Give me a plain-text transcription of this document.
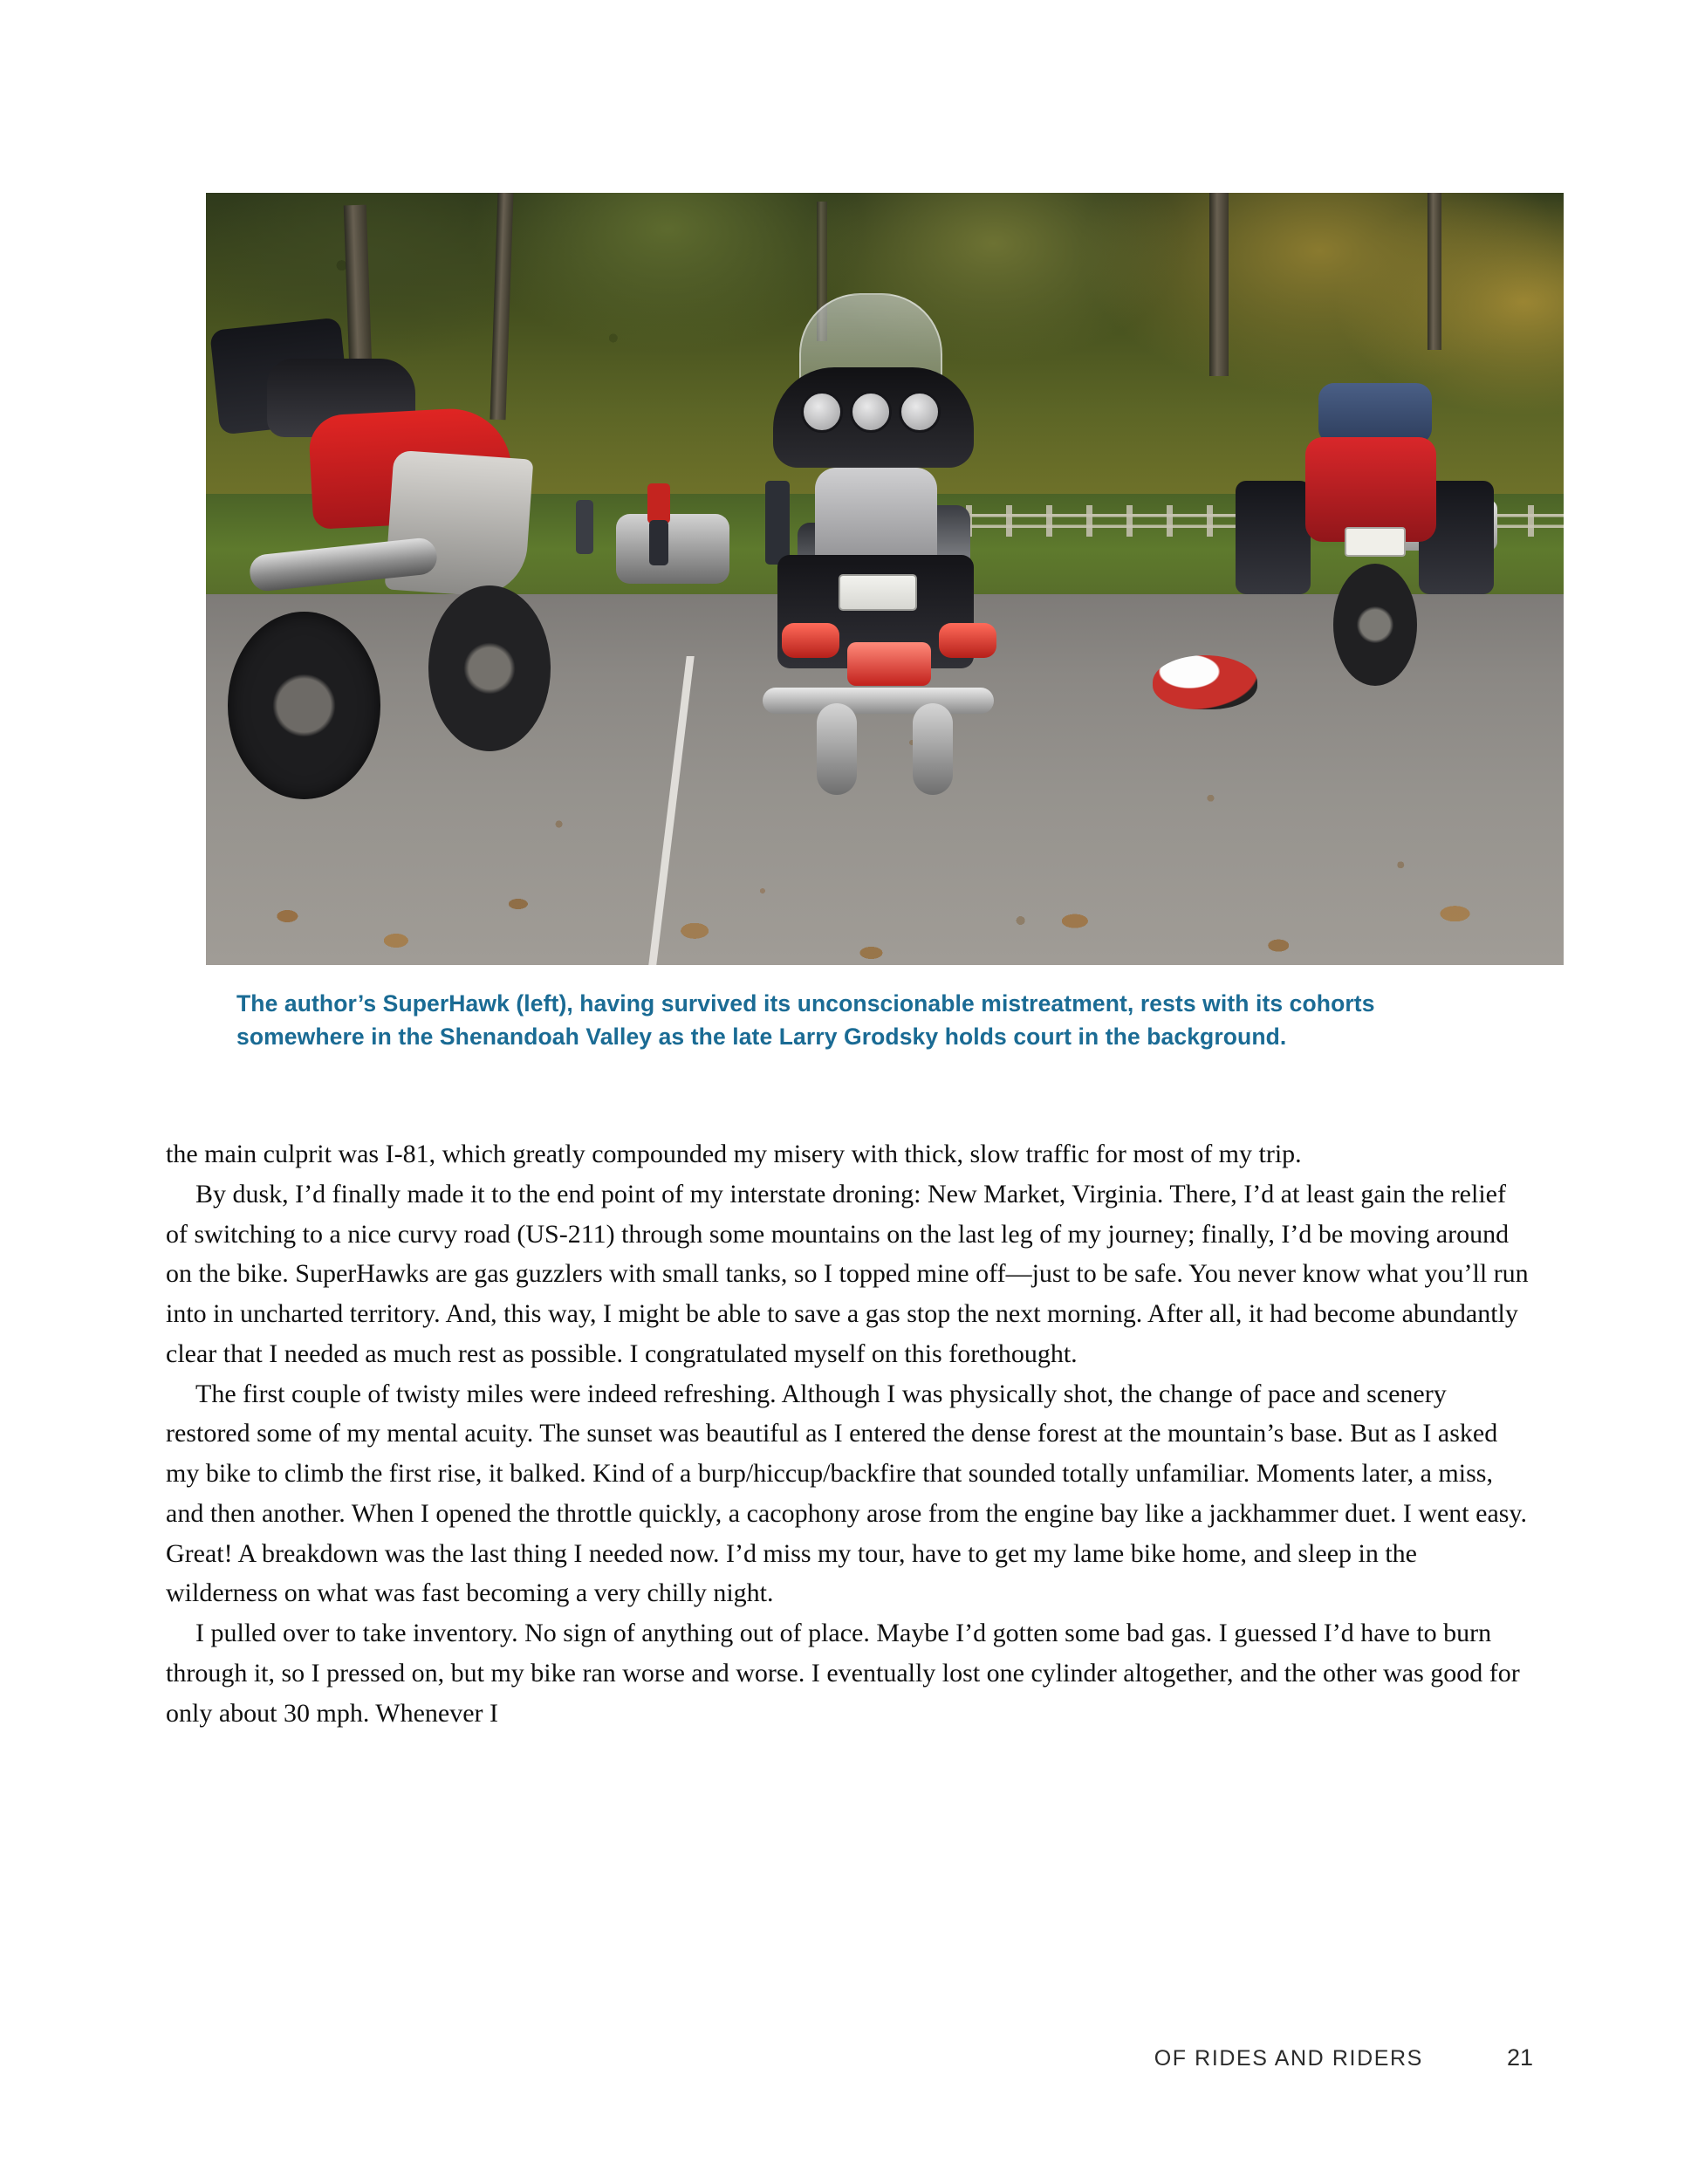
The author’s SuperHawk (left), having survived its unconscionable mistreatment, rests with its cohorts somewhere in the Shenandoah Valley as the late Larry Grodsky holds court in the background.

the main culprit was I-81, which greatly compounded my misery with thick, slow traffic for most of my trip.

By dusk, I’d finally made it to the end point of my interstate droning: New Market, Virginia. There, I’d at least gain the relief of switching to a nice curvy road (US-211) through some mountains on the last leg of my journey; finally, I’d be moving around on the bike. SuperHawks are gas guzzlers with small tanks, so I topped mine off—just to be safe. You never know what you’ll run into in uncharted territory. And, this way, I might be able to save a gas stop the next morning. After all, it had become abundantly clear that I needed as much rest as possible. I congratulated myself on this forethought.

The first couple of twisty miles were indeed refreshing. Although I was physically shot, the change of pace and scenery restored some of my mental acuity. The sunset was beautiful as I entered the dense forest at the mountain’s base. But as I asked my bike to climb the first rise, it balked. Kind of a burp/hiccup/backfire that sounded totally unfamiliar. Moments later, a miss, and then another. When I opened the throttle quickly, a cacophony arose from the engine bay like a jackhammer duet. I went easy. Great! A breakdown was the last thing I needed now. I’d miss my tour, have to get my lame bike home, and sleep in the wilderness on what was fast becoming a very chilly night.

I pulled over to take inventory. No sign of anything out of place. Maybe I’d gotten some bad gas. I guessed I’d have to burn through it, so I pressed on, but my bike ran worse and worse. I eventually lost one cylinder altogether, and the other was good for only about 30 mph. Whenever I

OF RIDES AND RIDERS	21
